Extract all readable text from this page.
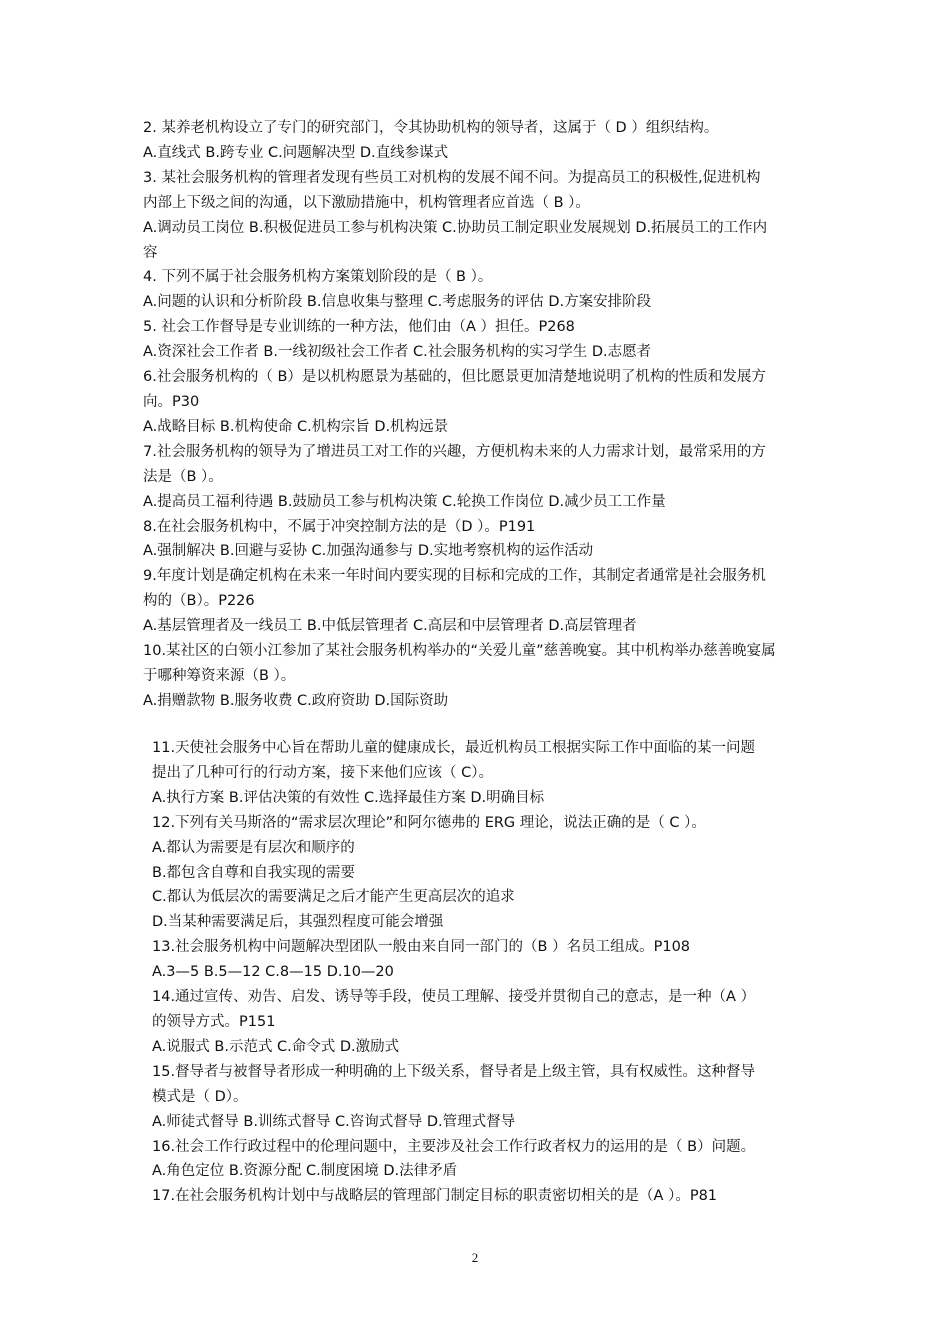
2. 某养老机构设立了专门的研究部门，令其协助机构的领导者，这属于（ D ）组织结构。
A.直线式 B.跨专业 C.问题解决型 D.直线参谋式
3. 某社会服务机构的管理者发现有些员工对机构的发展不闻不问。为提高员工的积极性,促进机构
内部上下级之间的沟通，以下激励措施中，机构管理者应首选（ B ）。
A.调动员工岗位 B.积极促进员工参与机构决策 C.协助员工制定职业发展规划 D.拓展员工的工作内
容
4. 下列不属于社会服务机构方案策划阶段的是（ B ）。
A.问题的认识和分析阶段 B.信息收集与整理 C.考虑服务的评估 D.方案安排阶段
5. 社会工作督导是专业训练的一种方法，他们由（A ）担任。P268
A.资深社会工作者 B.一线初级社会工作者 C.社会服务机构的实习学生 D.志愿者
6.社会服务机构的（ B）是以机构愿景为基础的，但比愿景更加清楚地说明了机构的性质和发展方
向。P30
A.战略目标 B.机构使命 C.机构宗旨 D.机构远景
7.社会服务机构的领导为了增进员工对工作的兴趣，方便机构未来的人力需求计划，最常采用的方
法是（B ）。
A.提高员工福利待遇 B.鼓励员工参与机构决策 C.轮换工作岗位 D.减少员工工作量
8.在社会服务机构中，不属于冲突控制方法的是（D ）。P191
A.强制解决 B.回避与妥协 C.加强沟通参与 D.实地考察机构的运作活动
9.年度计划是确定机构在未来一年时间内要实现的目标和完成的工作，其制定者通常是社会服务机
构的（B）。P226
A.基层管理者及一线员工 B.中低层管理者 C.高层和中层管理者 D.高层管理者
10.某社区的白领小江参加了某社会服务机构举办的“关爱儿童”慈善晚宴。其中机构举办慈善晚宴属
于哪种筹资来源（B ）。
A.捐赠款物 B.服务收费 C.政府资助 D.国际资助
11.天使社会服务中心旨在帮助儿童的健康成长，最近机构员工根据实际工作中面临的某一问题
提出了几种可行的行动方案，接下来他们应该（ C）。
A.执行方案 B.评估决策的有效性 C.选择最佳方案 D.明确目标
12.下列有关马斯洛的“需求层次理论”和阿尔德弗的 ERG 理论，说法正确的是（ C ）。
A.都认为需要是有层次和顺序的
B.都包含自尊和自我实现的需要
C.都认为低层次的需要满足之后才能产生更高层次的追求
D.当某种需要满足后，其强烈程度可能会增强
13.社会服务机构中问题解决型团队一般由来自同一部门的（B ）名员工组成。P108
A.3—5 B.5—12 C.8—15 D.10—20
14.通过宣传、劝告、启发、诱导等手段，使员工理解、接受并贯彻自己的意志，是一种（A ）
的领导方式。P151
A.说服式 B.示范式 C.命令式 D.激励式
15.督导者与被督导者形成一种明确的上下级关系，督导者是上级主管，具有权威性。这种督导
模式是（ D）。
A.师徒式督导 B.训练式督导 C.咨询式督导 D.管理式督导
16.社会工作行政过程中的伦理问题中，主要涉及社会工作行政者权力的运用的是（ B）问题。
A.角色定位 B.资源分配 C.制度困境 D.法律矛盾
17.在社会服务机构计划中与战略层的管理部门制定目标的职责密切相关的是（A ）。P81
2
